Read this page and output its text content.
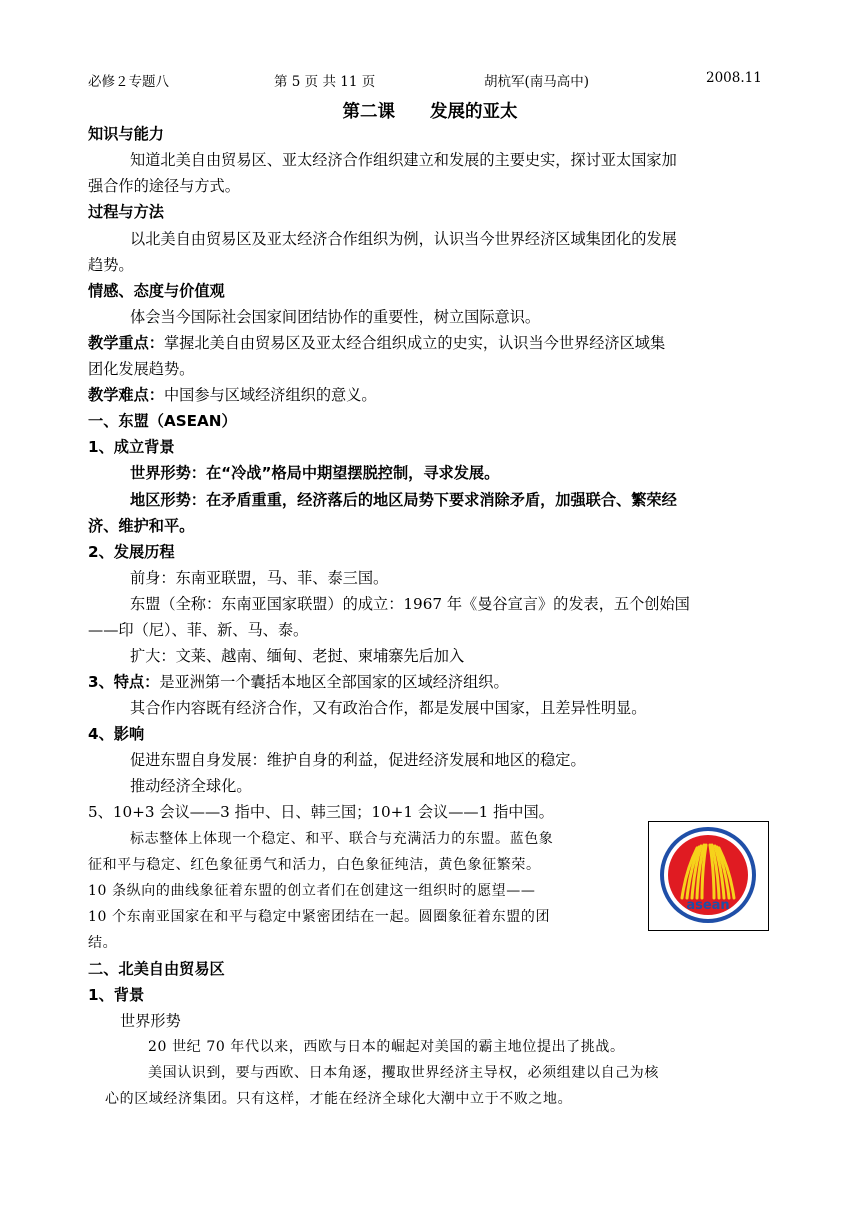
必修２专题八	第 5 页 共 11 页	胡杭军(南马高中)	2008.11
第二课　　发展的亚太
知识与能力
知道北美自由贸易区、亚太经济合作组织建立和发展的主要史实，探讨亚太国家加
强合作的途径与方式。
过程与方法
以北美自由贸易区及亚太经济合作组织为例，认识当今世界经济区域集团化的发展
趋势。
情感、态度与价值观
体会当今国际社会国家间团结协作的重要性，树立国际意识。
教学重点：掌握北美自由贸易区及亚太经合组织成立的史实，认识当今世界经济区域集
团化发展趋势。
教学难点：中国参与区域经济组织的意义。
一、东盟（ASEAN）
1、成立背景
世界形势：在“冷战”格局中期望摆脱控制，寻求发展。
地区形势：在矛盾重重，经济落后的地区局势下要求消除矛盾，加强联合、繁荣经
济、维护和平。
2、发展历程
前身：东南亚联盟，马、菲、泰三国。
东盟（全称：东南亚国家联盟）的成立：1967 年《曼谷宣言》的发表，五个创始国
——印（尼）、菲、新、马、泰。
扩大：文莱、越南、缅甸、老挝、柬埔寨先后加入
3、特点：是亚洲第一个囊括本地区全部国家的区域经济组织。
其合作内容既有经济合作，又有政治合作，都是发展中国家，且差异性明显。
4、影响
促进东盟自身发展：维护自身的利益，促进经济发展和地区的稳定。
推动经济全球化。
5、10+3 会议——3 指中、日、韩三国；10+1 会议——1 指中国。
标志整体上体现一个稳定、和平、联合与充满活力的东盟。蓝色象
征和平与稳定、红色象征勇气和活力，白色象征纯洁，黄色象征繁荣。
10 条纵向的曲线象征着东盟的创立者们在创建这一组织时的愿望——
10 个东南亚国家在和平与稳定中紧密团结在一起。圆圈象征着东盟的团
结。
二、北美自由贸易区
1、背景
世界形势
20 世纪 70 年代以来，西欧与日本的崛起对美国的霸主地位提出了挑战。
美国认识到，要与西欧、日本角逐，攫取世界经济主导权，必须组建以自己为核
心的区域经济集团。只有这样，才能在经济全球化大潮中立于不败之地。
asean
